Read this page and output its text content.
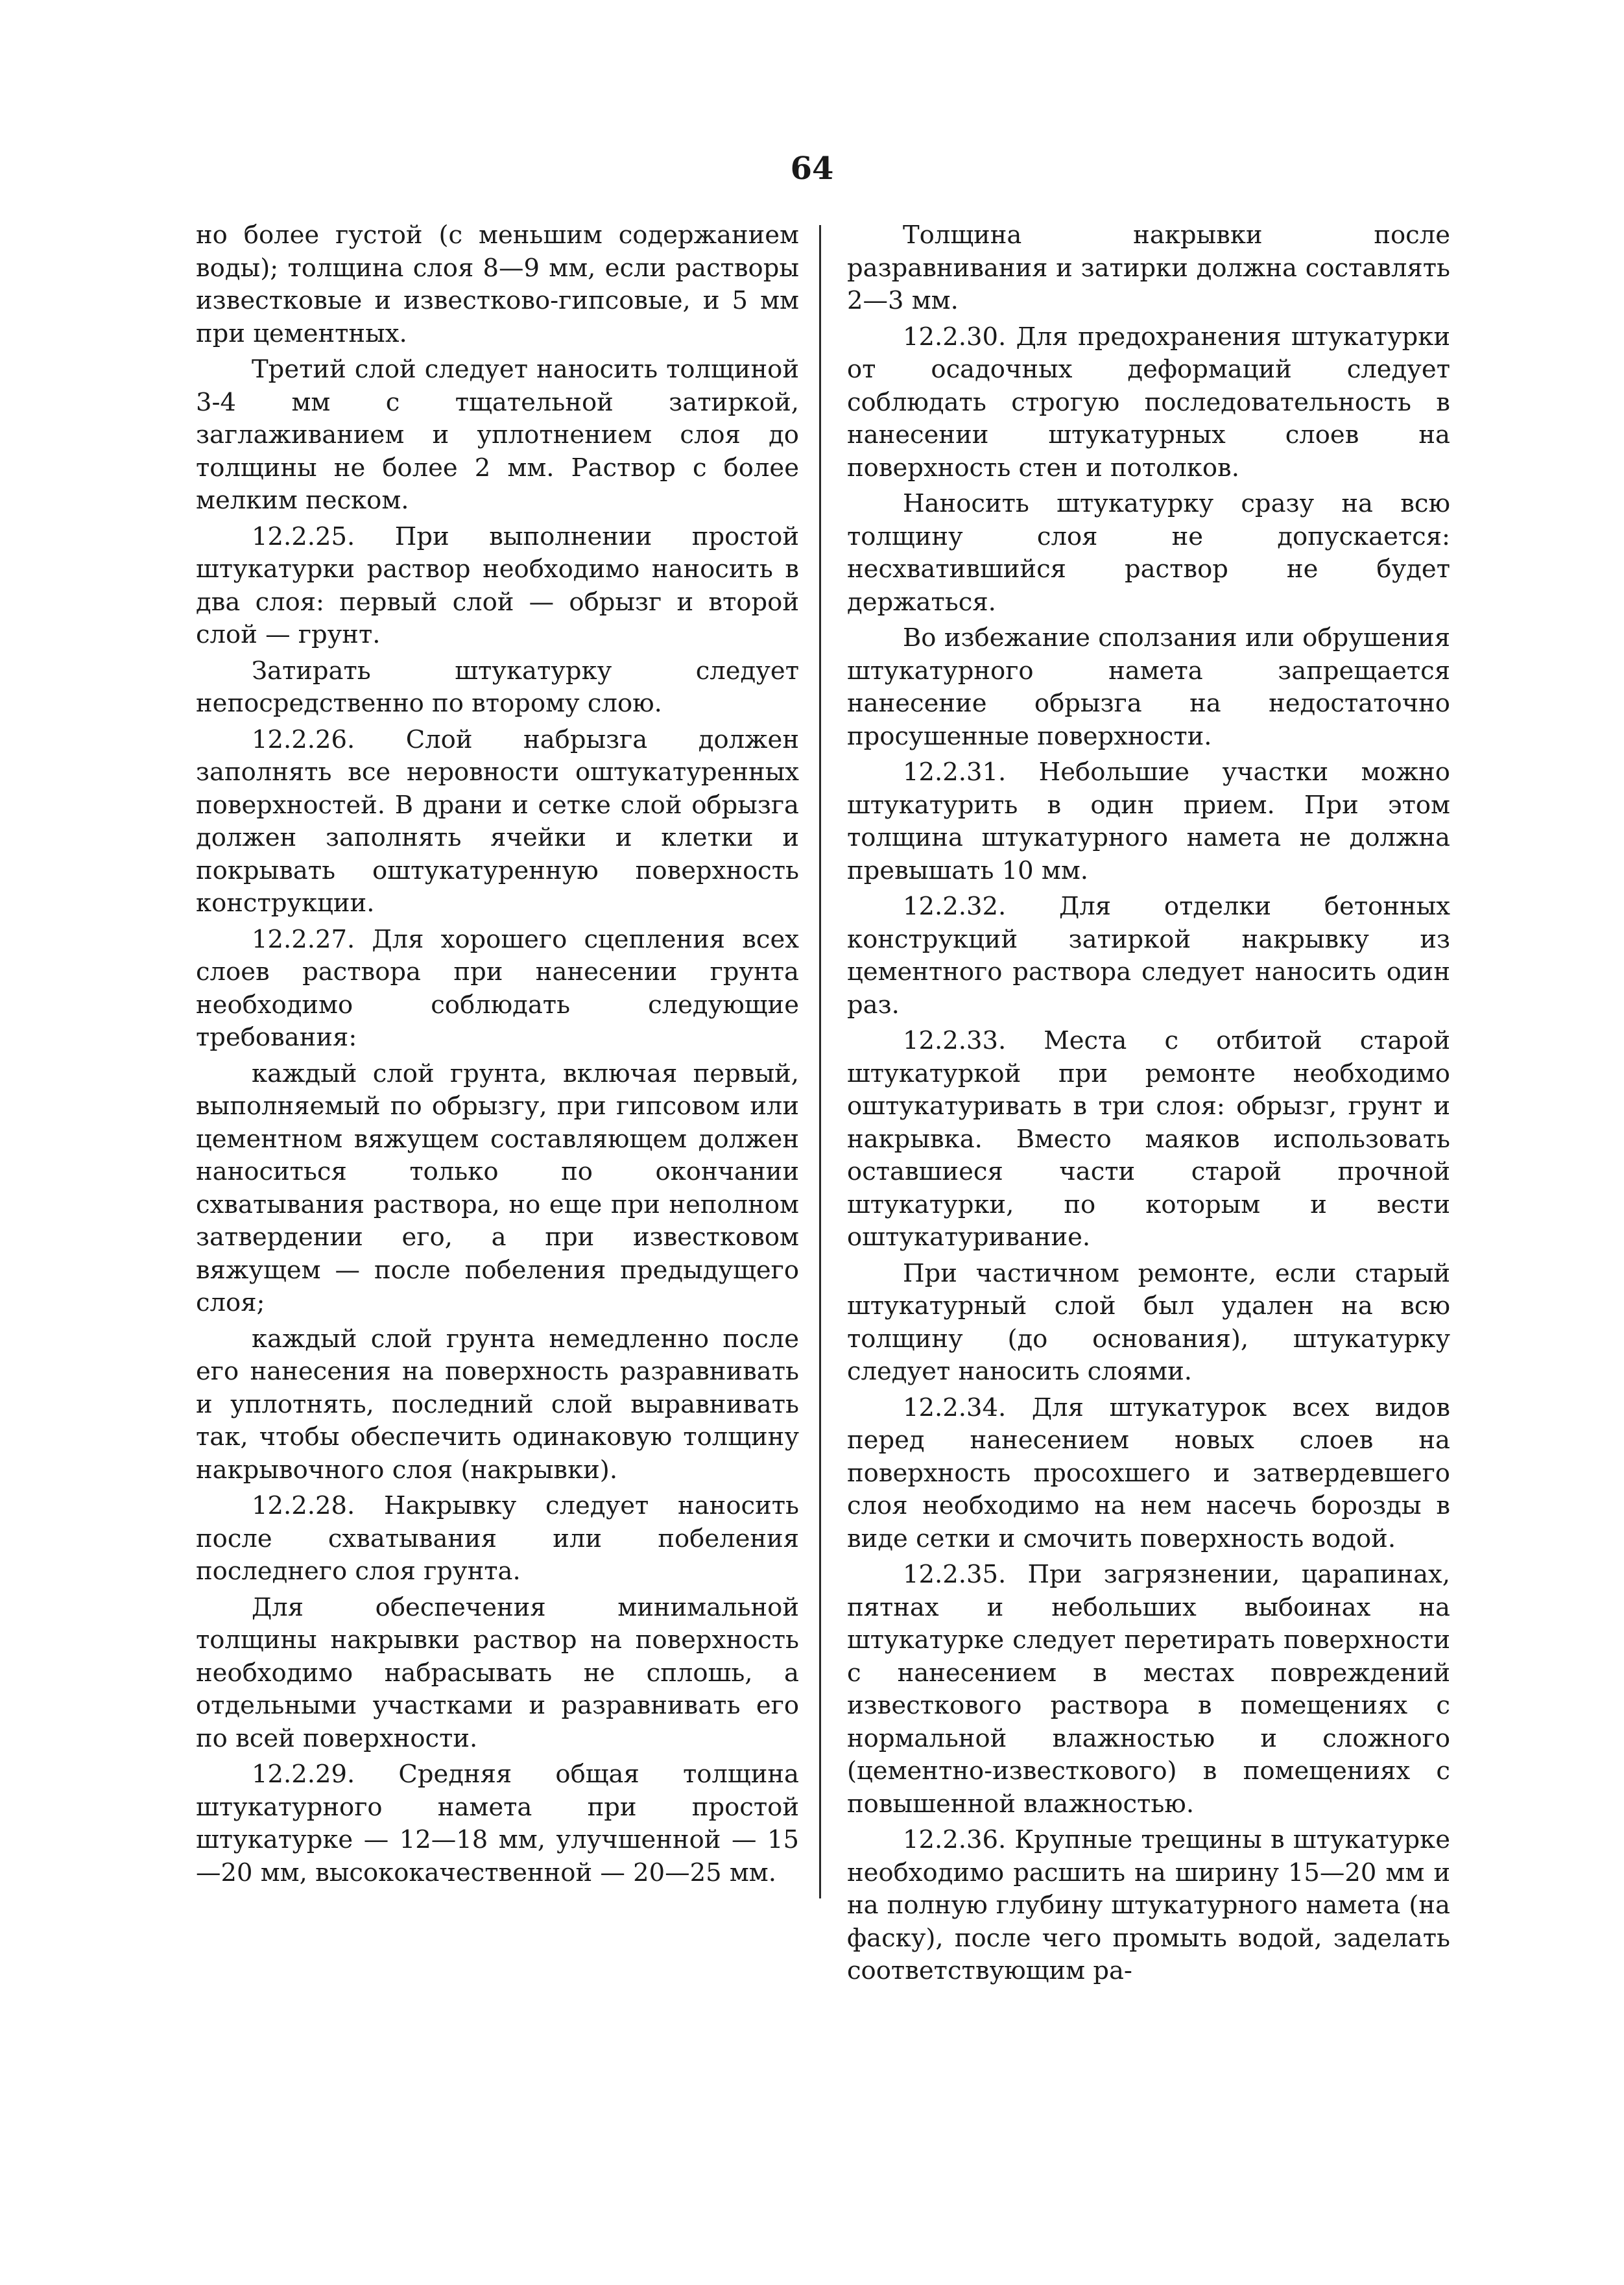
64

но более густой (с меньшим содержанием воды); толщина слоя 8—9 мм, если растворы известковые и известково-гипсовые, и 5 мм при цементных.

Третий слой следует наносить толщиной 3-4 мм с тщательной затиркой, заглаживанием и уплотнением слоя до толщины не более 2 мм. Раствор с более мелким песком.

12.2.25. При выполнении простой штукатурки раствор необходимо наносить в два слоя: первый слой — обрызг и второй слой — грунт.

Затирать штукатурку следует непосредственно по второму слою.

12.2.26. Слой набрызга должен заполнять все неровности оштукатуренных поверхностей. В драни и сетке слой обрызга должен заполнять ячейки и клетки и покрывать оштукатуренную поверхность конструкции.

12.2.27. Для хорошего сцепления всех слоев раствора при нанесении грунта необходимо соблюдать следующие требования:

каждый слой грунта, включая первый, выполняемый по обрызгу, при гипсовом или цементном вяжущем составляющем должен наноситься только по окончании схватывания раствора, но еще при неполном затвердении его, а при известковом вяжущем — после побеления предыдущего слоя;

каждый слой грунта немедленно после его нанесения на поверхность разравнивать и уплотнять, последний слой выравнивать так, чтобы обеспечить одинаковую толщину накрывочного слоя (накрывки).

12.2.28. Накрывку следует наносить после схватывания или побеления последнего слоя грунта.

Для обеспечения минимальной толщины накрывки раствор на поверхность необходимо набрасывать не сплошь, а отдельными участками и разравнивать его по всей поверхности.

12.2.29. Средняя общая толщина штукатурного намета при простой штукатурке — 12—18 мм, улучшенной — 15—20 мм, высококачественной — 20—25 мм.

Толщина накрывки после разравнивания и затирки должна составлять 2—3 мм.

12.2.30. Для предохранения штукатурки от осадочных деформаций следует соблюдать строгую последовательность в нанесении штукатурных слоев на поверхность стен и потолков.

Наносить штукатурку сразу на всю толщину слоя не допускается: несхватившийся раствор не будет держаться.

Во избежание сползания или обрушения штукатурного намета запрещается нанесение обрызга на недостаточно просушенные поверхности.

12.2.31. Небольшие участки можно штукатурить в один прием. При этом толщина штукатурного намета не должна превышать 10 мм.

12.2.32. Для отделки бетонных конструкций затиркой накрывку из цементного раствора следует наносить один раз.

12.2.33. Места с отбитой старой штукатуркой при ремонте необходимо оштукатуривать в три слоя: обрызг, грунт и накрывка. Вместо маяков использовать оставшиеся части старой прочной штукатурки, по которым и вести оштукатуривание.

При частичном ремонте, если старый штукатурный слой был удален на всю толщину (до основания), штукатурку следует наносить слоями.

12.2.34. Для штукатурок всех видов перед нанесением новых слоев на поверхность просохшего и затвердевшего слоя необходимо на нем насечь борозды в виде сетки и смочить поверхность водой.

12.2.35. При загрязнении, царапинах, пятнах и небольших выбоинах на штукатурке следует перетирать поверхности с нанесением в местах повреждений известкового раствора в помещениях с нормальной влажностью и сложного (цементно-известкового) в помещениях с повышенной влажностью.

12.2.36. Крупные трещины в штукатурке необходимо расшить на ширину 15—20 мм и на полную глубину штукатурного намета (на фаску), после чего промыть водой, заделать соответствующим ра-
